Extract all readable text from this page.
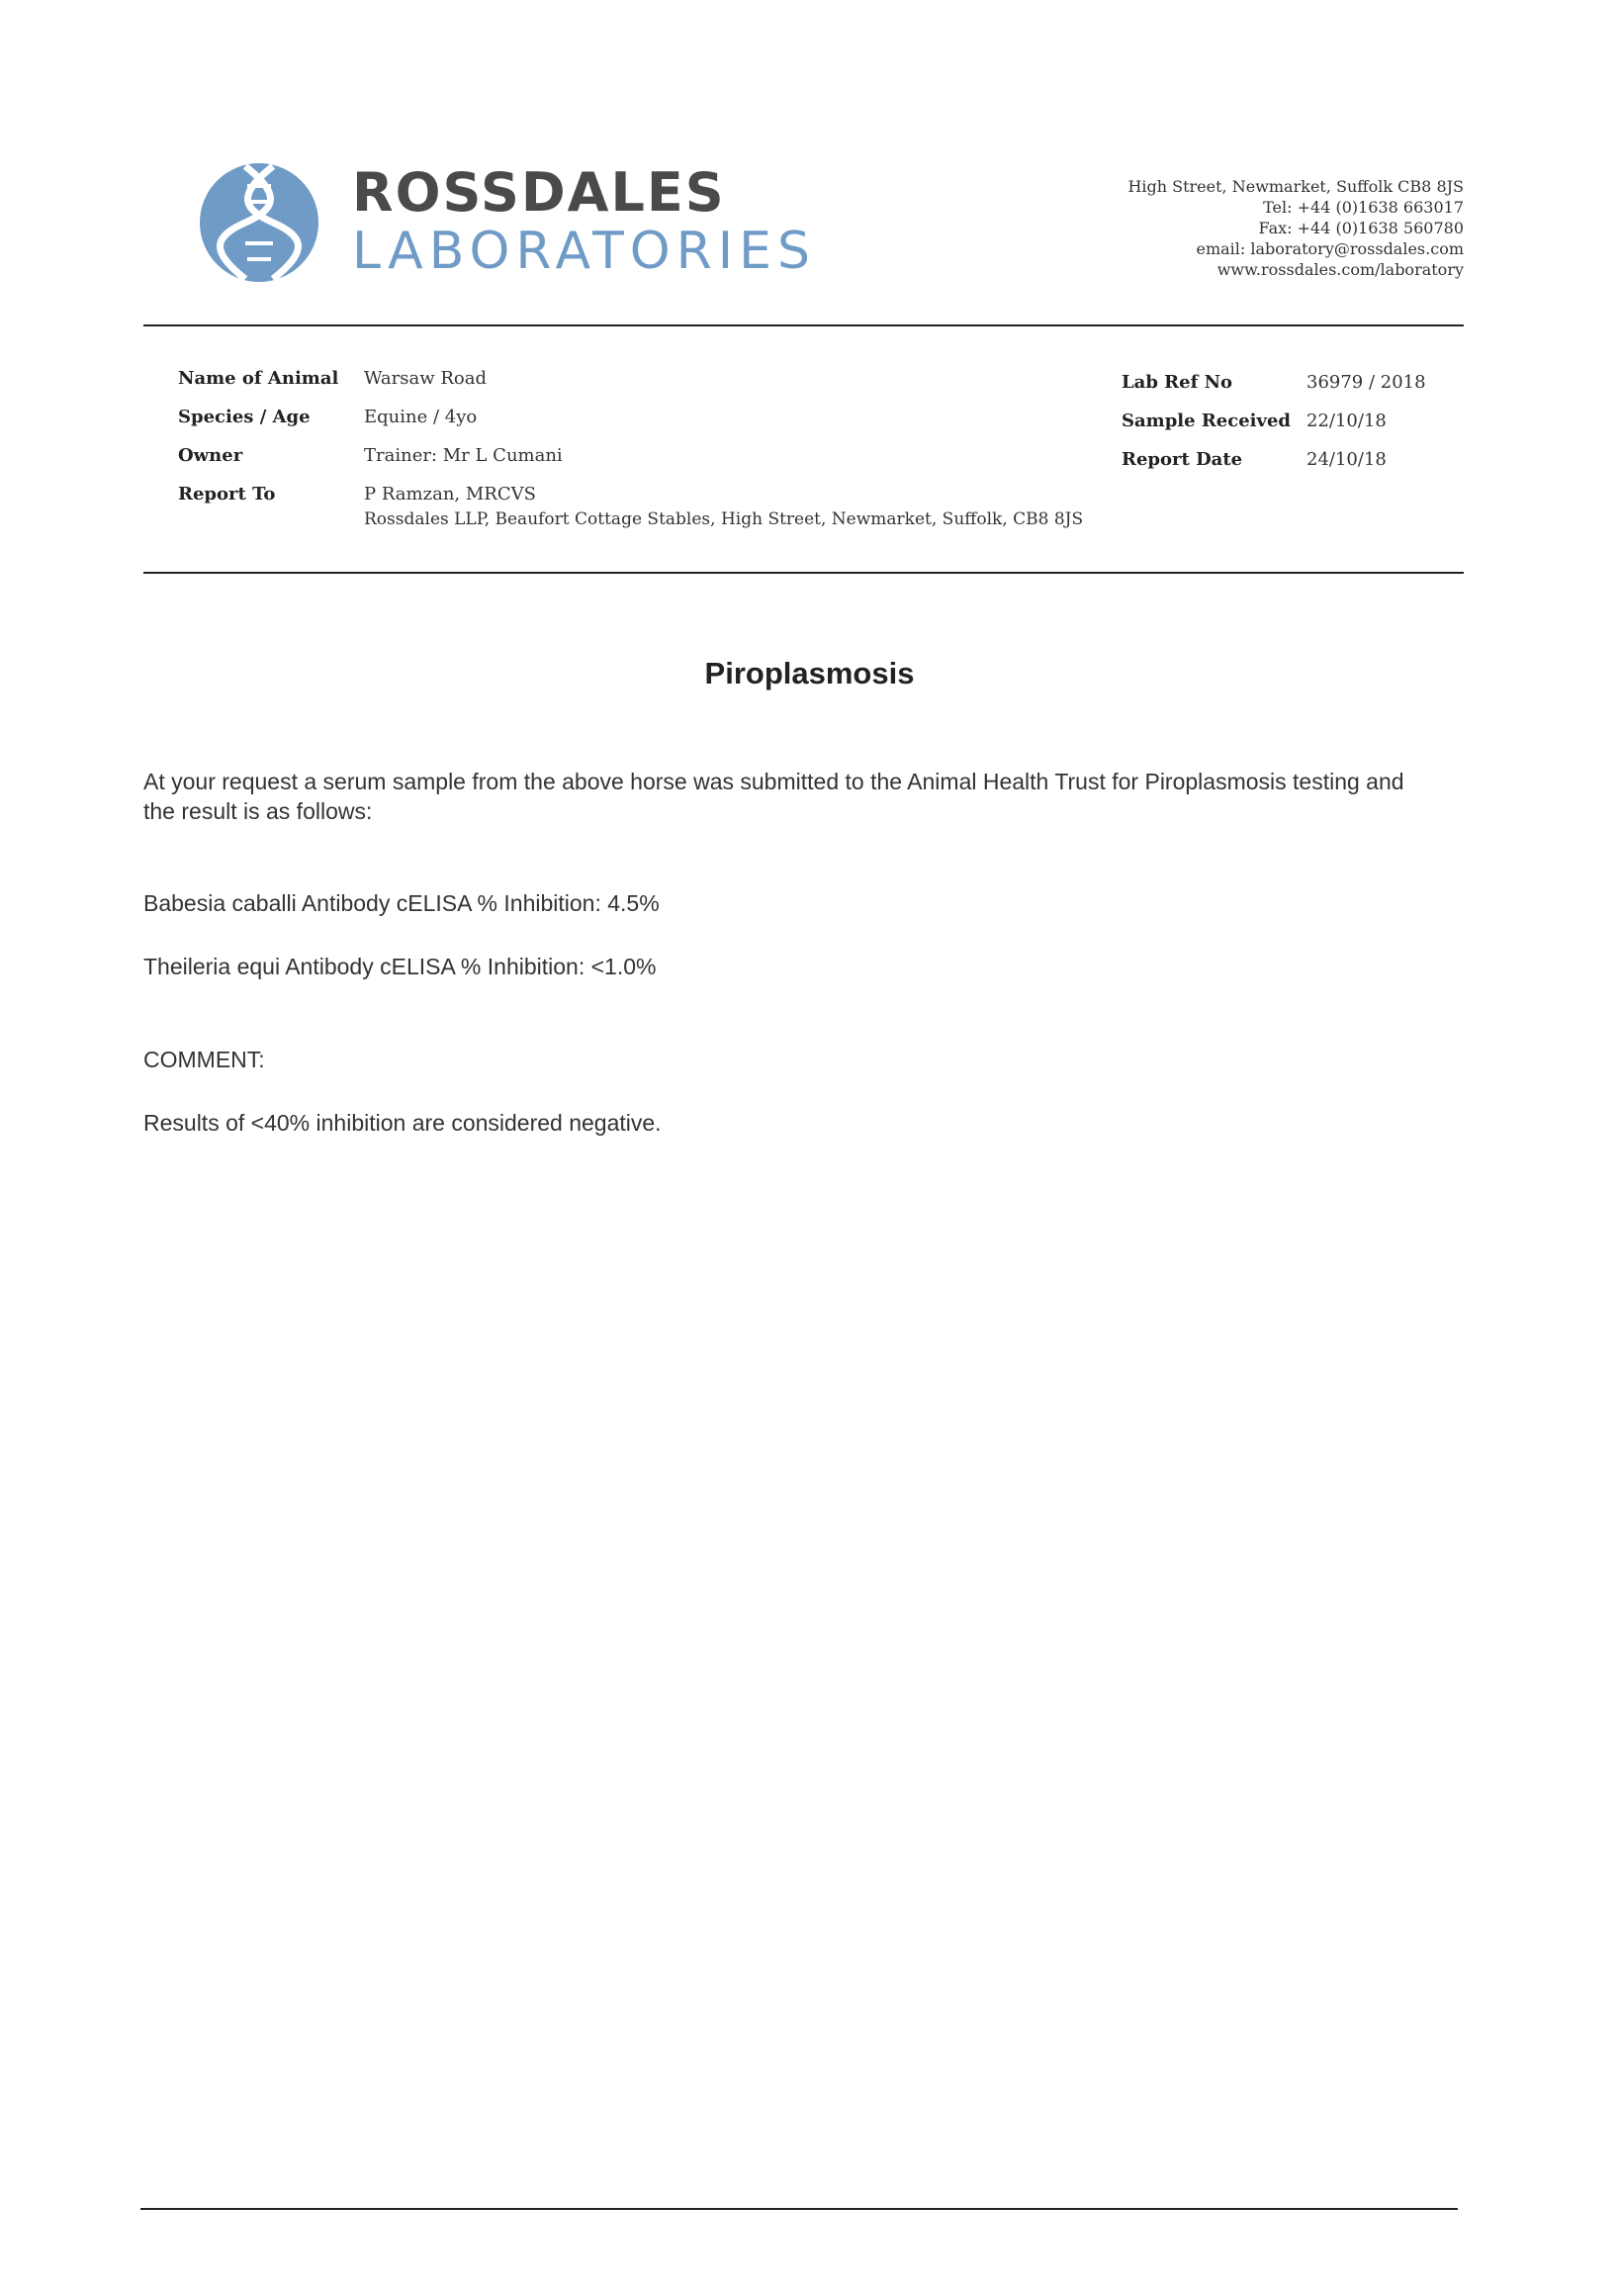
ROSSDALES
LABORATORIES
High Street, Newmarket, Suffolk CB8 8JS
Tel: +44 (0)1638 663017
Fax: +44 (0)1638 560780
email: laboratory@rossdales.com
www.rossdales.com/laboratory
Name of Animal Warsaw Road
Species / Age	Equine / 4yo
Owner	Trainer: Mr L Cumani
Report To	P Ramzan, MRCVS
Rossdales LLP, Beaufort Cottage Stables, High Street, Newmarket, Suffolk, CB8 8JS
Lab Ref No	36979 / 2018
Sample Received 22/10/18
Report Date	24/10/18
Piroplasmosis
At your request a serum sample from the above horse was submitted to the Animal Health Trust for Piroplasmosis testing and the result is as follows:
Babesia caballi Antibody cELISA % Inhibition: 4.5%
Theileria equi Antibody cELISA % Inhibition: <1.0%
COMMENT:
Results of <40% inhibition are considered negative.
